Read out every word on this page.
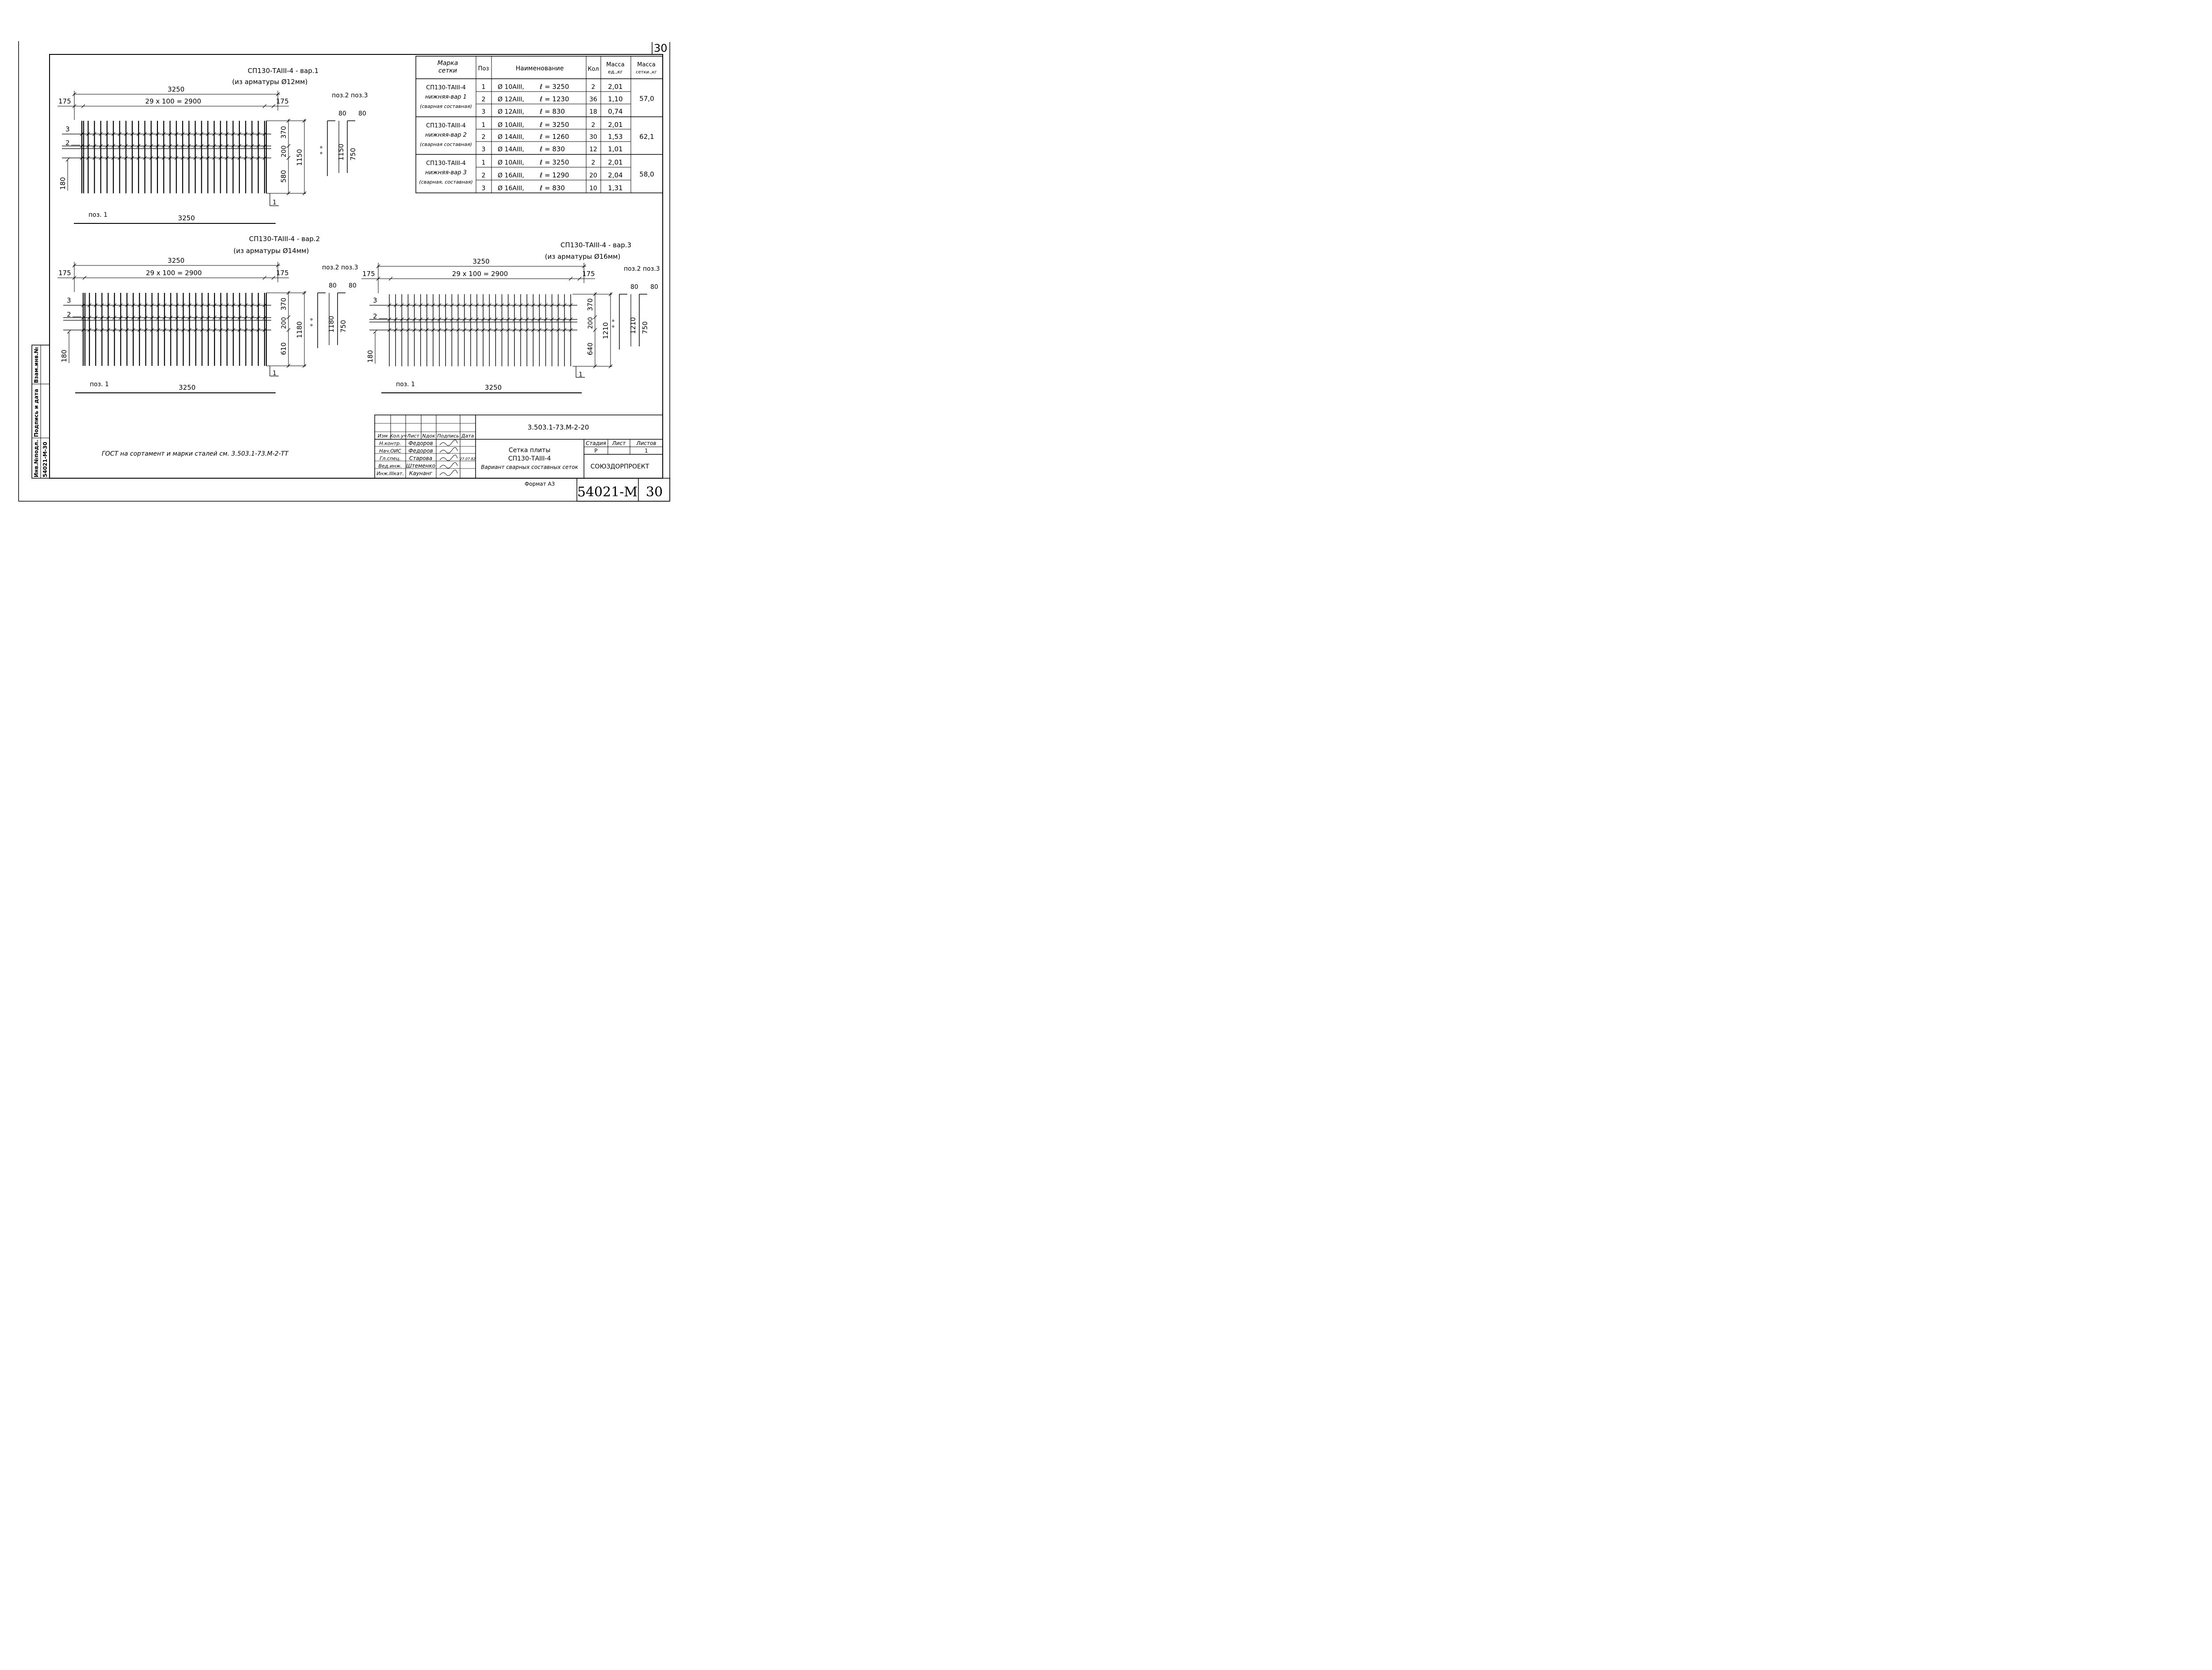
30
Взам.инв.№
Подпись и дата
Инв.№подл. 54021-М-30
СП130-ТАIII-4 - вар.1
(из арматуры Ø12мм)
3
2
3250
175	29 x 100 = 2900	175
370
200
580
1150
180
1
поз. 1	3250
поз.2 поз.3
80 80
1150 750
СП130-ТАIII-4 - вар.2
(из арматуры Ø14мм)
3
2
3250
175	29 x 100 = 2900	175
370
200
610
1180
180
1
поз. 1	3250
поз.2 поз.3
80 80
1180 750
СП130-ТАIII-4 - вар.3
(из арматуры Ø16мм)
3
2
3250
175	29 x 100 = 2900	175
370
200
640
1210
180
1
поз. 1	3250
поз.2 поз.3
80 80
1210 750
Марка сетки	Поз	Наименование	Кол
Масса ед.,кг
Масса сетки.,кг
СП130-ТАIII-4
нижняя-вар 1
(сварная составная)
57,0
1 Ø 10АIII, ℓ = 3250	2 2,01
2 Ø 12АIII, ℓ = 1230	36 1,10
3 Ø 12АIII, ℓ = 830	18 0,74
СП130-ТАIII-4
нижняя-вар 2
(сварная составная)
62,1
1 Ø 10АIII, ℓ = 3250	2 2,01
2 Ø 14АIII, ℓ = 1260	30 1,53
3 Ø 14АIII, ℓ = 830	12 1,01
СП130-ТАIII-4
нижняя-вар 3
(сварная, составная)
58,0
1 Ø 10АIII, ℓ = 3250	2 2,01
2 Ø 16АIII, ℓ = 1290	20 2,04
3 Ø 16АIII, ℓ = 830	10 1,31
Изм Кол.уч Лист Nдок Подпись Дата
Н.контр. Федоров
Нач.ОИС Федоров
Гл.спец. Старова	27.07.82
Вед.инж. Штеменко
Инж.IIIкат. Каунанг
3.503.1-73.М-2-20
Сетка плиты
СП130-ТАIII-4
Вариант сварных составных сеток
Стадия Лист Листов
Р	1
СОЮЗДОРПРОЕКТ
Формат А3
54021-М 30
ГОСТ на сортамент и марки сталей см. 3.503.1-73.М-2-ТТ
